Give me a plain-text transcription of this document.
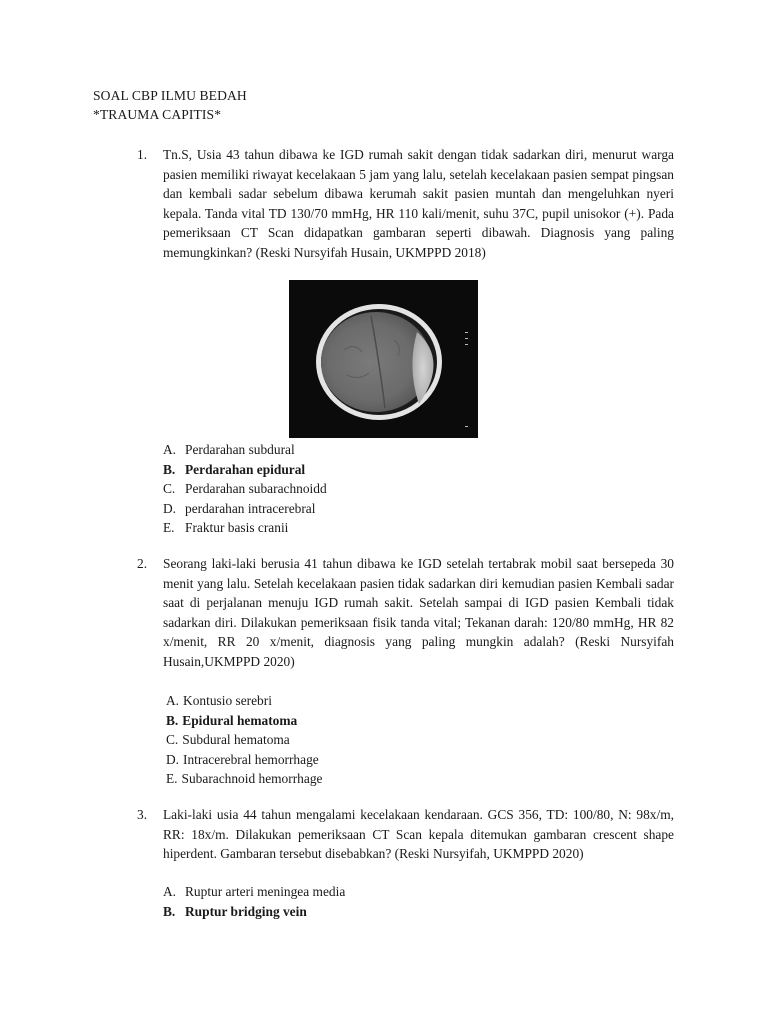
SOAL CBP ILMU BEDAH
*TRAUMA CAPITIS*
1. Tn.S, Usia 43 tahun dibawa ke IGD rumah sakit dengan tidak sadarkan diri, menurut warga pasien memiliki riwayat kecelakaan 5 jam yang lalu, setelah kecelakaan pasien sempat pingsan dan kembali sadar sebelum dibawa kerumah sakit pasien muntah dan mengeluhkan nyeri kepala. Tanda vital TD 130/70 mmHg, HR 110 kali/menit, suhu 37C, pupil unisokor (+). Pada pemeriksaan CT Scan didapatkan gambaran seperti dibawah. Diagnosis yang paling memungkinkan? (Reski Nursyifah Husain, UKMPPD 2018)
A. Perdarahan subdural
B. Perdarahan epidural
C. Perdarahan subarachnoidd
D. perdarahan intracerebral
E. Fraktur basis cranii
2. Seorang laki-laki berusia 41 tahun dibawa ke IGD setelah tertabrak mobil saat bersepeda 30 menit yang lalu. Setelah kecelakaan pasien tidak sadarkan diri kemudian pasien Kembali sadar saat di perjalanan menuju IGD rumah sakit. Setelah sampai di IGD pasien Kembali tidak sadarkan diri. Dilakukan pemeriksaan fisik tanda vital; Tekanan darah: 120/80 mmHg, HR 82 x/menit, RR 20 x/menit, diagnosis yang paling mungkin adalah? (Reski Nursyifah Husain,UKMPPD 2020)
A. Kontusio serebri
B. Epidural hematoma
C. Subdural hematoma
D. Intracerebral hemorrhage
E. Subarachnoid hemorrhage
3. Laki-laki usia 44 tahun mengalami kecelakaan kendaraan. GCS 356, TD: 100/80, N: 98x/m, RR: 18x/m. Dilakukan pemeriksaan CT Scan kepala ditemukan gambaran crescent shape hiperdent. Gambaran tersebut disebabkan? (Reski Nursyifah, UKMPPD 2020)
A. Ruptur arteri meningea media
B. Ruptur bridging vein
